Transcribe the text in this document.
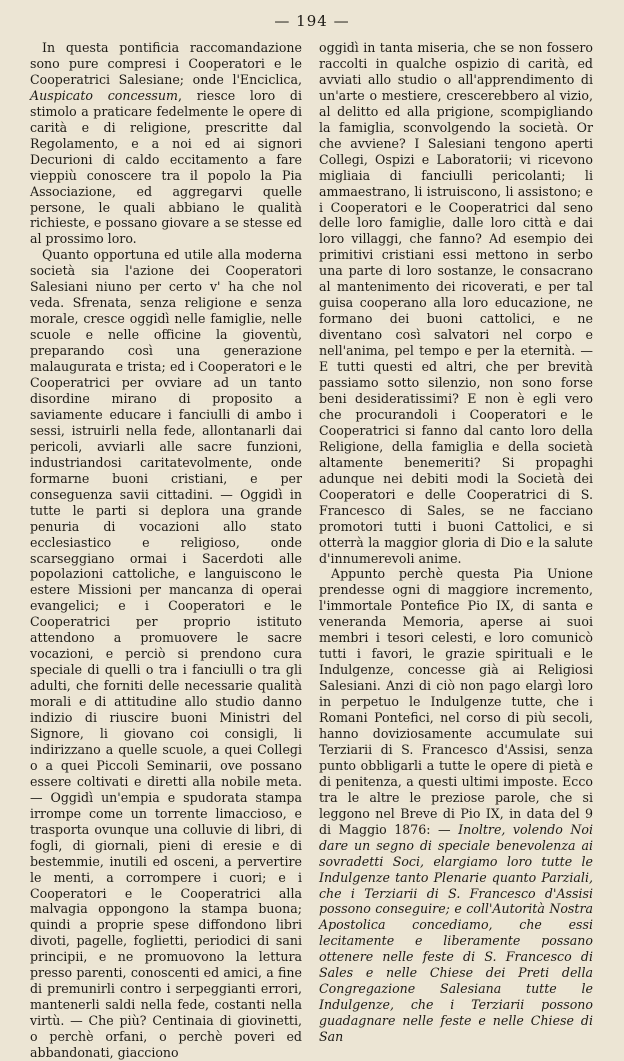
— 194 —

In questa pontificia raccomandazione sono pure compresi i Cooperatori e le Cooperatrici Salesiane; onde l'Enciclica, Auspicato concessum, riesce loro di stimolo a praticare fedelmente le opere di carità e di religione, prescritte dal Regolamento, e a noi ed ai signori Decurioni di caldo eccitamento a fare vieppiù conoscere tra il popolo la Pia Associazione, ed aggregarvi quelle persone, le quali abbiano le qualità richieste, e possano giovare a se stesse ed al prossimo loro.

Quanto opportuna ed utile alla moderna società sia l'azione dei Cooperatori Salesiani niuno per certo v' ha che nol veda. Sfrenata, senza religione e senza morale, cresce oggidì nelle famiglie, nelle scuole e nelle officine la gioventù, preparando così una generazione malaugurata e trista; ed i Cooperatori e le Cooperatrici per ovviare ad un tanto disordine mirano di proposito a saviamente educare i fanciulli di ambo i sessi, istruirli nella fede, allontanarli dai pericoli, avviarli alle sacre funzioni, industriandosi caritatevolmente, onde formarne buoni cristiani, e per conseguenza savii cittadini. — Oggidì in tutte le parti si deplora una grande penuria di vocazioni allo stato ecclesiastico e religioso, onde scarseggiano ormai i Sacerdoti alle popolazioni cattoliche, e languiscono le estere Missioni per mancanza di operai evangelici; e i Cooperatori e le Cooperatrici per proprio istituto attendono a promuovere le sacre vocazioni, e perciò si prendono cura speciale di quelli o tra i fanciulli o tra gli adulti, che forniti delle necessarie qualità morali e di attitudine allo studio danno indizio di riuscire buoni Ministri del Signore, li giovano coi consigli, li indirizzano a quelle scuole, a quei Collegi o a quei Piccoli Seminarii, ove possano essere coltivati e diretti alla nobile meta. — Oggidì un'empia e spudorata stampa irrompe come un torrente limaccioso, e trasporta ovunque una colluvie di libri, di fogli, di giornali, pieni di eresie e di bestemmie, inutili ed osceni, a pervertire le menti, a corrompere i cuori; e i Cooperatori e le Cooperatrici alla malvagia oppongono la stampa buona; quindi a proprie spese diffondono libri divoti, pagelle, foglietti, periodici di sani principii, e ne promuovono la lettura presso parenti, conoscenti ed amici, a fine di premunirli contro i serpeggianti errori, mantenerli saldi nella fede, costanti nella virtù. — Che più? Centinaia di giovinetti, o perchè orfani, o perchè poveri ed abbandonati, giacciono

oggidì in tanta miseria, che se non fossero raccolti in qualche ospizio di carità, ed avviati allo studio o all'apprendimento di un'arte o mestiere, crescerebbero al vizio, al delitto ed alla prigione, scompigliando la famiglia, sconvolgendo la società. Or che avviene? I Salesiani tengono aperti Collegi, Ospizi e Laboratorii; vi ricevono migliaia di fanciulli pericolanti; li ammaestrano, li istruiscono, li assistono; e i Cooperatori e le Cooperatrici dal seno delle loro famiglie, dalle loro città e dai loro villaggi, che fanno? Ad esempio dei primitivi cristiani essi mettono in serbo una parte di loro sostanze, le consacrano al mantenimento dei ricoverati, e per tal guisa cooperano alla loro educazione, ne formano dei buoni cattolici, e ne diventano così salvatori nel corpo e nell'anima, pel tempo e per la eternità. — E tutti questi ed altri, che per brevità passiamo sotto silenzio, non sono forse beni desideratissimi? E non è egli vero che procurandoli i Cooperatori e le Cooperatrici si fanno dal canto loro della Religione, della famiglia e della società altamente benemeriti? Si propaghi adunque nei debiti modi la Società dei Cooperatori e delle Cooperatrici di S. Francesco di Sales, se ne facciano promotori tutti i buoni Cattolici, e si otterrà la maggior gloria di Dio e la salute d'innumerevoli anime.

Appunto perchè questa Pia Unione prendesse ogni di maggiore incremento, l'immortale Pontefice Pio IX, di santa e veneranda Memoria, aperse ai suoi membri i tesori celesti, e loro comunicò tutti i favori, le grazie spirituali e le Indulgenze, concesse già ai Religiosi Salesiani. Anzi di ciò non pago elargì loro in perpetuo le Indulgenze tutte, che i Romani Pontefici, nel corso di più secoli, hanno doviziosamente accumulate sui Terziarii di S. Francesco d'Assisi, senza punto obbligarli a tutte le opere di pietà e di penitenza, a questi ultimi imposte. Ecco tra le altre le preziose parole, che si leggono nel Breve di Pio IX, in data del 9 di Maggio 1876: — Inoltre, volendo Noi dare un segno di speciale benevolenza ai sovradetti Soci, elargiamo loro tutte le Indulgenze tanto Plenarie quanto Parziali, che i Terziarii di S. Francesco d'Assisi possono conseguire; e coll'Autorità Nostra Apostolica concediamo, che essi lecitamente e liberamente possano ottenere nelle feste di S. Francesco di Sales e nelle Chiese dei Preti della Congregazione Salesiana tutte le Indulgenze, che i Terziarii possono guadagnare nelle feste e nelle Chiese di San
